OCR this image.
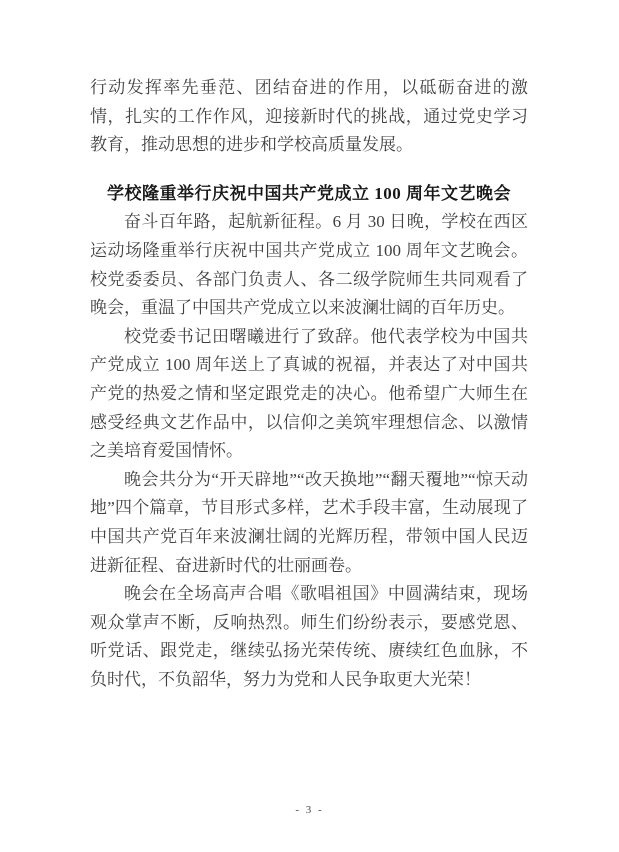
行动发挥率先垂范、团结奋进的作用，以砥砺奋进的激情，扎实的工作作风，迎接新时代的挑战，通过党史学习教育，推动思想的进步和学校高质量发展。

学校隆重举行庆祝中国共产党成立 100 周年文艺晚会

奋斗百年路，起航新征程。6 月 30 日晚，学校在西区运动场隆重举行庆祝中国共产党成立 100 周年文艺晚会。校党委委员、各部门负责人、各二级学院师生共同观看了晚会，重温了中国共产党成立以来波澜壮阔的百年历史。

校党委书记田曙曦进行了致辞。他代表学校为中国共产党成立 100 周年送上了真诚的祝福，并表达了对中国共产党的热爱之情和坚定跟党走的决心。他希望广大师生在感受经典文艺作品中，以信仰之美筑牢理想信念、以激情之美培育爱国情怀。

晚会共分为“开天辟地”“改天换地”“翻天覆地”“惊天动地”四个篇章，节目形式多样，艺术手段丰富，生动展现了中国共产党百年来波澜壮阔的光辉历程，带领中国人民迈进新征程、奋进新时代的壮丽画卷。

晚会在全场高声合唱《歌唱祖国》中圆满结束，现场观众掌声不断，反响热烈。师生们纷纷表示，要感党恩、听党话、跟党走，继续弘扬光荣传统、赓续红色血脉，不负时代，不负韶华，努力为党和人民争取更大光荣！

- 3 -
